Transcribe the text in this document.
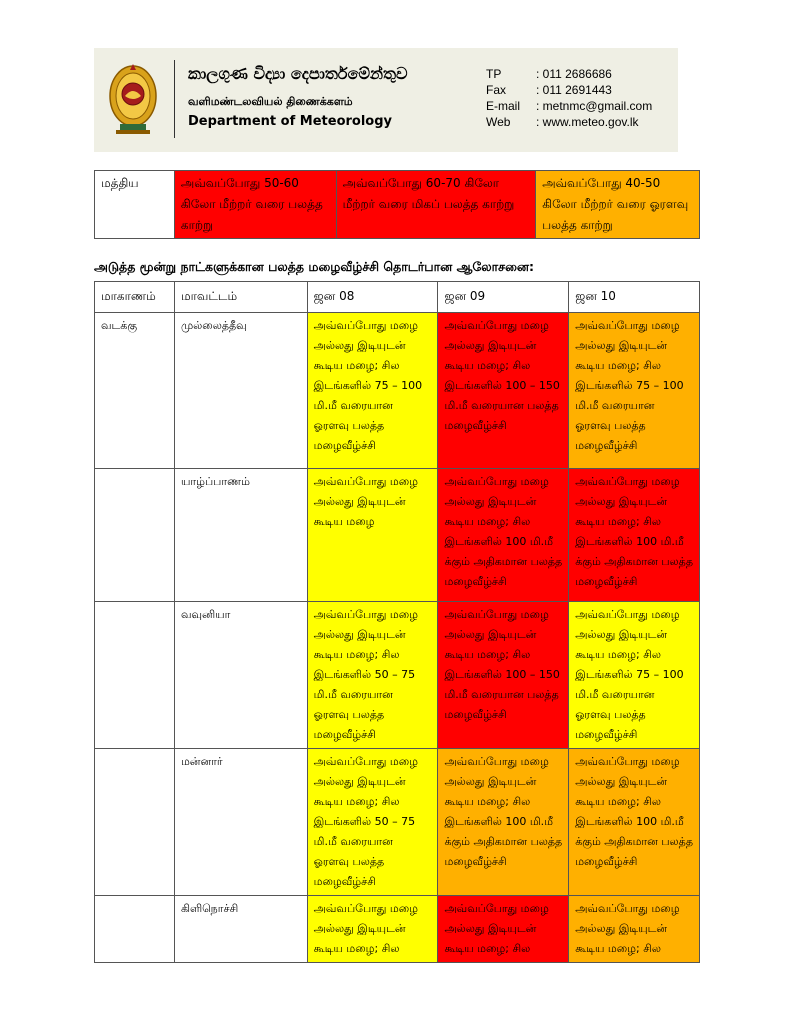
කාලගුණ විද්‍යා දෙපාර්තමේන්තුව
வளிமண்டலவியல் திணைக்களம்
Department of Meteorology
TP	: 011 2686686
Fax	: 011 2691443
E-mail	: metnmc@gmail.com
Web	: www.meteo.gov.lk
மத்திய	அவ்வப்போது 50-60 கிலோ மீற்றர் வரை பலத்த காற்று	அவ்வப்போது 60-70 கிலோ மீற்றர் வரை மிகப் பலத்த காற்று	அவ்வப்போது 40-50 கிலோ மீற்றர் வரை ஓரளவு பலத்த காற்று
அடுத்த மூன்று நாட்களுக்கான பலத்த மழைவீழ்ச்சி தொடர்பான ஆலோசனை:
மாகாணம்	மாவட்டம்	ஜன 08	ஜன 09	ஜன 10
வடக்கு	முல்லைத்தீவு	அவ்வப்போது மழை அல்லது இடியுடன் கூடிய மழை; சில இடங்களில் 75 – 100 மி.மீ வரையான ஓரளவு பலத்த மழைவீழ்ச்சி	அவ்வப்போது மழை அல்லது இடியுடன் கூடிய மழை; சில இடங்களில் 100 – 150 மி.மீ வரையான பலத்த மழைவீழ்ச்சி	அவ்வப்போது மழை அல்லது இடியுடன் கூடிய மழை; சில இடங்களில் 75 – 100 மி.மீ வரையான ஓரளவு பலத்த மழைவீழ்ச்சி
	யாழ்ப்பாணம்	அவ்வப்போது மழை அல்லது இடியுடன் கூடிய மழை	அவ்வப்போது மழை அல்லது இடியுடன் கூடிய மழை; சில இடங்களில் 100 மி.மீ க்கும் அதிகமான பலத்த மழைவீழ்ச்சி	அவ்வப்போது மழை அல்லது இடியுடன் கூடிய மழை; சில இடங்களில் 100 மி.மீ க்கும் அதிகமான பலத்த மழைவீழ்ச்சி
	வவுனியா	அவ்வப்போது மழை அல்லது இடியுடன் கூடிய மழை; சில இடங்களில் 50 – 75 மி.மீ வரையான ஓரளவு பலத்த மழைவீழ்ச்சி	அவ்வப்போது மழை அல்லது இடியுடன் கூடிய மழை; சில இடங்களில் 100 – 150 மி.மீ வரையான பலத்த மழைவீழ்ச்சி	அவ்வப்போது மழை அல்லது இடியுடன் கூடிய மழை; சில இடங்களில் 75 – 100 மி.மீ வரையான ஓரளவு பலத்த மழைவீழ்ச்சி
	மன்னார்	அவ்வப்போது மழை அல்லது இடியுடன் கூடிய மழை; சில இடங்களில் 50 – 75 மி.மீ வரையான ஓரளவு பலத்த மழைவீழ்ச்சி	அவ்வப்போது மழை அல்லது இடியுடன் கூடிய மழை; சில இடங்களில் 100 மி.மீ க்கும் அதிகமான பலத்த மழைவீழ்ச்சி	அவ்வப்போது மழை அல்லது இடியுடன் கூடிய மழை; சில இடங்களில் 100 மி.மீ க்கும் அதிகமான பலத்த மழைவீழ்ச்சி
	கிளிநொச்சி	அவ்வப்போது மழை அல்லது இடியுடன் கூடிய மழை; சில	அவ்வப்போது மழை அல்லது இடியுடன் கூடிய மழை; சில	அவ்வப்போது மழை அல்லது இடியுடன் கூடிய மழை; சில
